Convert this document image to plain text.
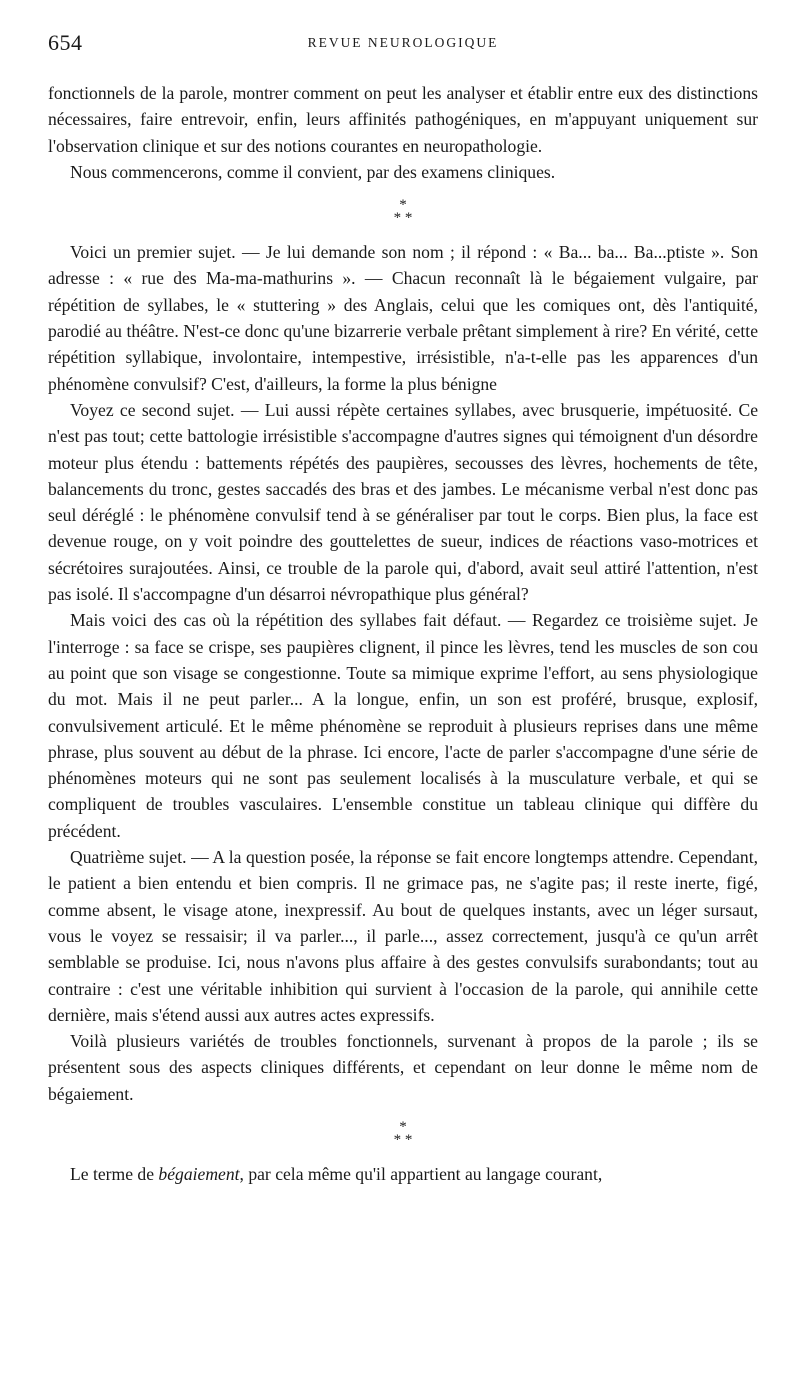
654	REVUE NEUROLOGIQUE

fonctionnels de la parole, montrer comment on peut les analyser et établir entre eux des distinctions nécessaires, faire entrevoir, enfin, leurs affinités pathogéniques, en m'appuyant uniquement sur l'observation clinique et sur des notions courantes en neuropathologie.

Nous commencerons, comme il convient, par des examens cliniques.

*
* *

Voici un premier sujet. — Je lui demande son nom ; il répond : « Ba... ba... Ba...ptiste ». Son adresse : « rue des Ma-ma-mathurins ». — Chacun reconnaît là le bégaiement vulgaire, par répétition de syllabes, le « stuttering » des Anglais, celui que les comiques ont, dès l'antiquité, parodié au théâtre. N'est-ce donc qu'une bizarrerie verbale prêtant simplement à rire? En vérité, cette répétition syllabique, involontaire, intempestive, irrésistible, n'a-t-elle pas les apparences d'un phénomène convulsif? C'est, d'ailleurs, la forme la plus bénigne

Voyez ce second sujet. — Lui aussi répète certaines syllabes, avec brusquerie, impétuosité. Ce n'est pas tout; cette battologie irrésistible s'accompagne d'autres signes qui témoignent d'un désordre moteur plus étendu : battements répétés des paupières, secousses des lèvres, hochements de tête, balancements du tronc, gestes saccadés des bras et des jambes. Le mécanisme verbal n'est donc pas seul déréglé : le phénomène convulsif tend à se généraliser par tout le corps. Bien plus, la face est devenue rouge, on y voit poindre des gouttelettes de sueur, indices de réactions vaso-motrices et sécrétoires surajoutées. Ainsi, ce trouble de la parole qui, d'abord, avait seul attiré l'attention, n'est pas isolé. Il s'accompagne d'un désarroi névropathique plus général?

Mais voici des cas où la répétition des syllabes fait défaut. — Regardez ce troisième sujet. Je l'interroge : sa face se crispe, ses paupières clignent, il pince les lèvres, tend les muscles de son cou au point que son visage se congestionne. Toute sa mimique exprime l'effort, au sens physiologique du mot. Mais il ne peut parler... A la longue, enfin, un son est proféré, brusque, explosif, convulsivement articulé. Et le même phénomène se reproduit à plusieurs reprises dans une même phrase, plus souvent au début de la phrase. Ici encore, l'acte de parler s'accompagne d'une série de phénomènes moteurs qui ne sont pas seulement localisés à la musculature verbale, et qui se compliquent de troubles vasculaires. L'ensemble constitue un tableau clinique qui diffère du précédent.

Quatrième sujet. — A la question posée, la réponse se fait encore longtemps attendre. Cependant, le patient a bien entendu et bien compris. Il ne grimace pas, ne s'agite pas; il reste inerte, figé, comme absent, le visage atone, inexpressif. Au bout de quelques instants, avec un léger sursaut, vous le voyez se ressaisir; il va parler..., il parle..., assez correctement, jusqu'à ce qu'un arrêt semblable se produise. Ici, nous n'avons plus affaire à des gestes convulsifs surabondants; tout au contraire : c'est une véritable inhibition qui survient à l'occasion de la parole, qui annihile cette dernière, mais s'étend aussi aux autres actes expressifs.

Voilà plusieurs variétés de troubles fonctionnels, survenant à propos de la parole ; ils se présentent sous des aspects cliniques différents, et cependant on leur donne le même nom de bégaiement.

*
* *

Le terme de bégaiement, par cela même qu'il appartient au langage courant,
